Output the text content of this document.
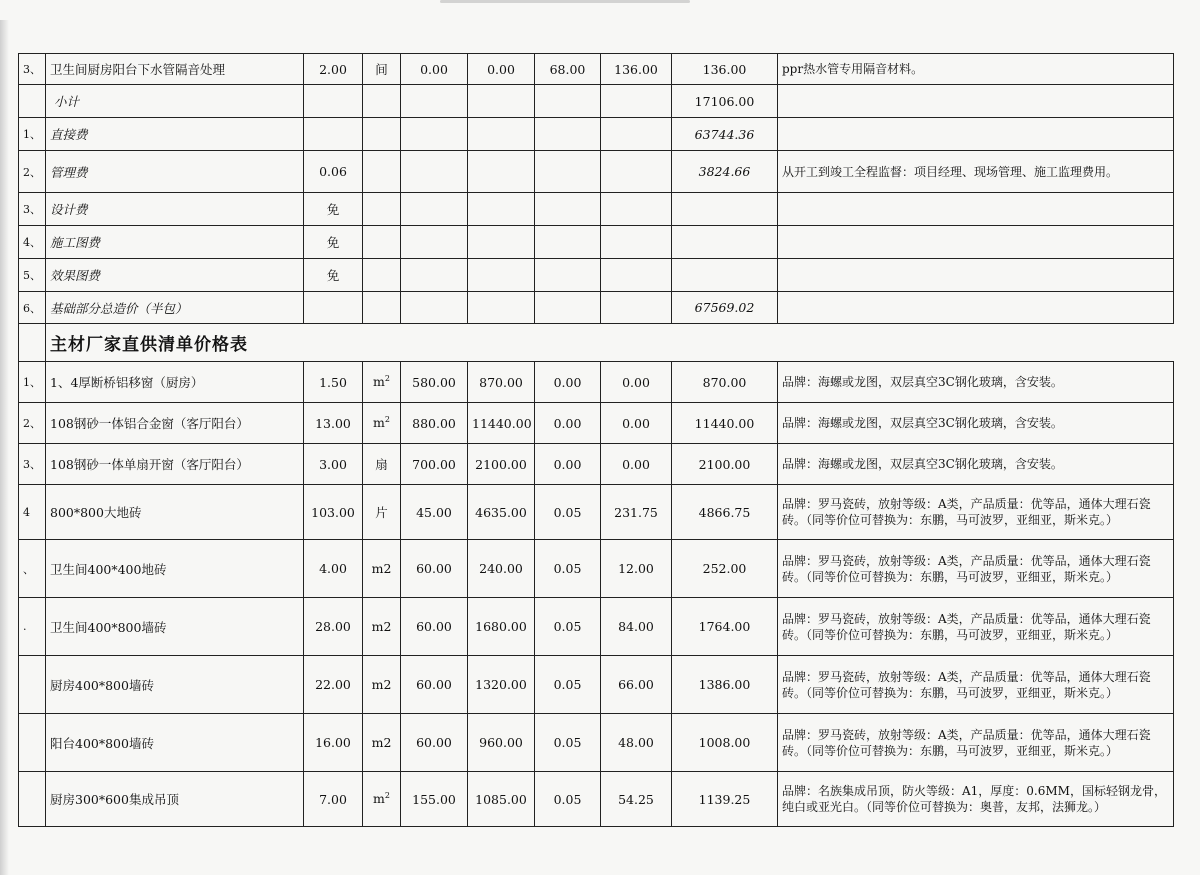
3、	卫生间厨房阳台下水管隔音处理	2.00	间	0.00	0.00	68.00	136.00	136.00	ppr热水管专用隔音材料。
	小计							17106.00	
1、	直接费							63744.36	
2、	管理费	0.06						3824.66	从开工到竣工全程监督：项目经理、现场管理、施工监理费用。
3、	设计费	免							
4、	施工图费	免							
5、	效果图费	免							
6、	基础部分总造价（半包）							67569.02	
	主材厂家直供清单价格表								
1、	1、4厚断桥铝移窗（厨房）	1.50	$m^2$	580.00	870.00	0.00	0.00	870.00	品牌：海螺或龙图，双层真空3C钢化玻璃，含安装。
2、	108钢砂一体铝合金窗（客厅阳台）	13.00	$m^2$	880.00	11440.00	0.00	0.00	11440.00	品牌：海螺或龙图，双层真空3C钢化玻璃，含安装。
3、	108钢砂一体单扇开窗（客厅阳台）	3.00	扇	700.00	2100.00	0.00	0.00	2100.00	品牌：海螺或龙图，双层真空3C钢化玻璃，含安装。
4	800*800大地砖	103.00	片	45.00	4635.00	0.05	231.75	4866.75	品牌：罗马瓷砖，放射等级：A类，产品质量：优等品，通体大理石瓷砖。（同等价位可替换为：东鹏，马可波罗，亚细亚，斯米克。）
、	卫生间400*400地砖	4.00	m2	60.00	240.00	0.05	12.00	252.00	品牌：罗马瓷砖，放射等级：A类，产品质量：优等品，通体大理石瓷砖。（同等价位可替换为：东鹏，马可波罗，亚细亚，斯米克。）
.	卫生间400*800墙砖	28.00	m2	60.00	1680.00	0.05	84.00	1764.00	品牌：罗马瓷砖，放射等级：A类，产品质量：优等品，通体大理石瓷砖。（同等价位可替换为：东鹏，马可波罗，亚细亚，斯米克。）
	厨房400*800墙砖	22.00	m2	60.00	1320.00	0.05	66.00	1386.00	品牌：罗马瓷砖，放射等级：A类，产品质量：优等品，通体大理石瓷砖。（同等价位可替换为：东鹏，马可波罗，亚细亚，斯米克。）
	阳台400*800墙砖	16.00	m2	60.00	960.00	0.05	48.00	1008.00	品牌：罗马瓷砖，放射等级：A类，产品质量：优等品，通体大理石瓷砖。（同等价位可替换为：东鹏，马可波罗，亚细亚，斯米克。）
	厨房300*600集成吊顶	7.00	$m^2$	155.00	1085.00	0.05	54.25	1139.25	品牌：名族集成吊顶，防火等级：A1，厚度：0.6MM，国标轻钢龙骨，纯白或亚光白。（同等价位可替换为：奥普，友邦，法狮龙。）
